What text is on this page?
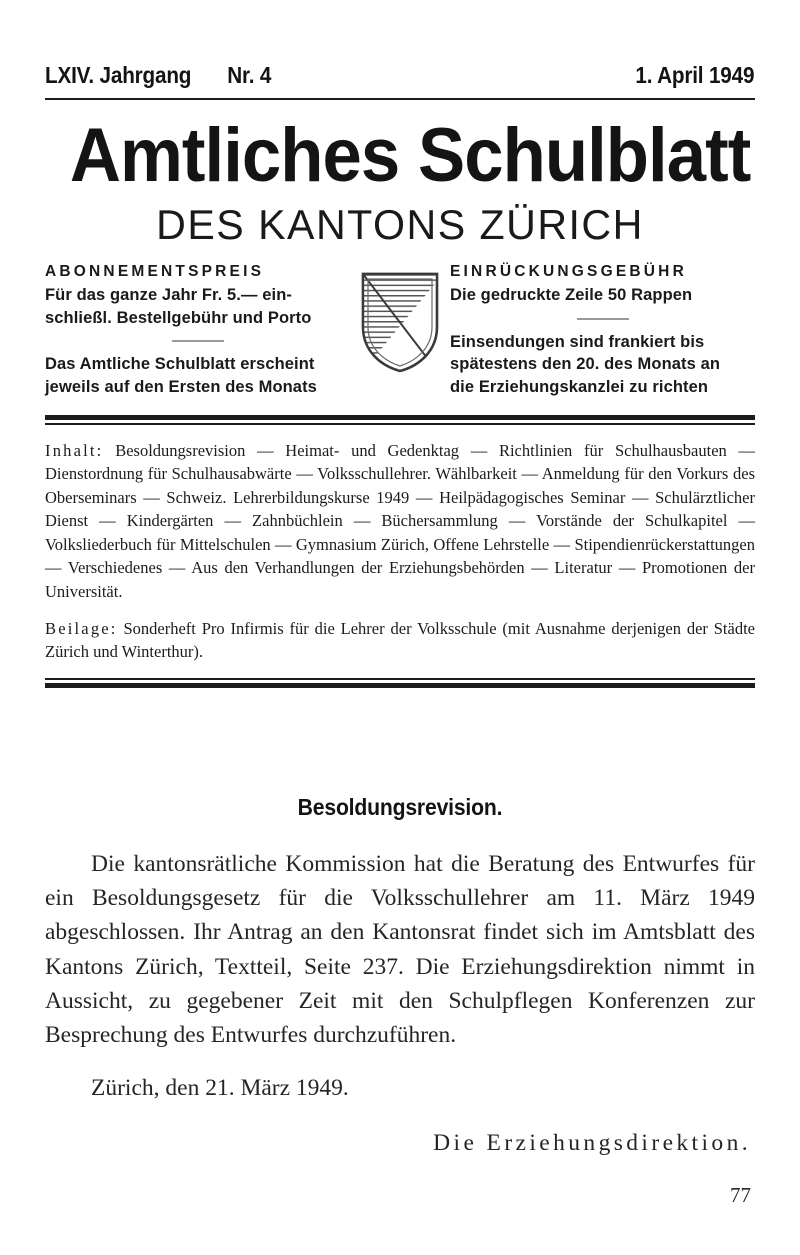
LXIV. Jahrgang Nr. 4	1. April 1949
Amtliches Schulblatt
DES KANTONS ZÜRICH
ABONNEMENTSPREIS
Für das ganze Jahr Fr. 5.— ein-
schließl. Bestellgebühr und Porto
Das Amtliche Schulblatt erscheint
jeweils auf den Ersten des Monats
EINRÜCKUNGSGEBÜHR
Die gedruckte Zeile 50 Rappen
Einsendungen sind frankiert bis
spätestens den 20. des Monats an
die Erziehungskanzlei zu richten

Inhalt: Besoldungsrevision — Heimat- und Gedenktag — Richtlinien für Schulhausbauten — Dienstordnung für Schulhausabwärte — Volksschullehrer. Wählbarkeit — Anmeldung für den Vorkurs des Oberseminars — Schweiz. Lehrerbildungskurse 1949 — Heilpädagogisches Seminar — Schulärztlicher Dienst — Kindergärten — Zahnbüchlein — Büchersammlung — Vorstände der Schulkapitel — Volksliederbuch für Mittelschulen — Gymnasium Zürich, Offene Lehrstelle — Stipendienrückerstattungen — Verschiedenes — Aus den Verhandlungen der Erziehungsbehörden — Literatur — Promotionen der Universität.

Beilage: Sonderheft Pro Infirmis für die Lehrer der Volksschule (mit Ausnahme derjenigen der Städte Zürich und Winterthur).

Besoldungsrevision.

Die kantonsrätliche Kommission hat die Beratung des Entwurfes für ein Besoldungsgesetz für die Volksschullehrer am 11. März 1949 abgeschlossen. Ihr Antrag an den Kantonsrat findet sich im Amtsblatt des Kantons Zürich, Textteil, Seite 237. Die Erziehungsdirektion nimmt in Aussicht, zu gegebener Zeit mit den Schulpflegen Konferenzen zur Besprechung des Entwurfes durchzuführen.

Zürich, den 21. März 1949.
Die Erziehungsdirektion.
77
